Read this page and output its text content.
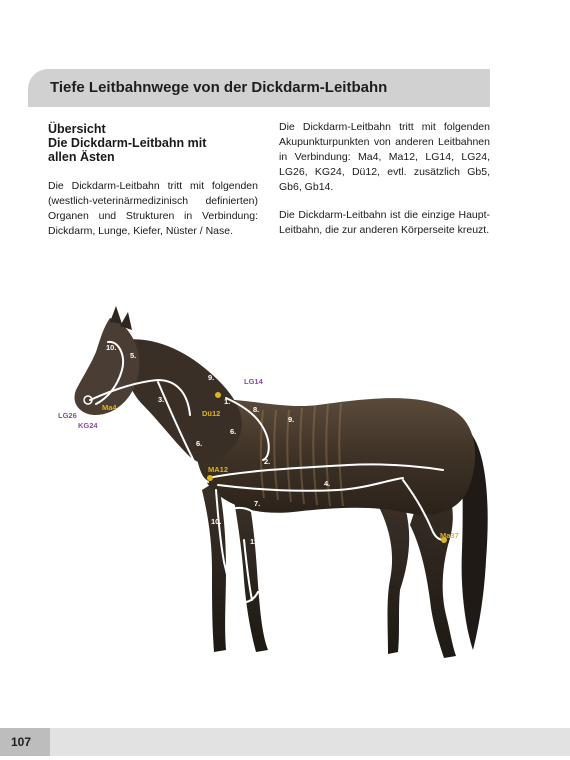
Tiefe Leitbahnwege von der Dickdarm-Leitbahn
Übersicht
Die Dickdarm-Leitbahn mit
allen Ästen

Die Dickdarm-Leitbahn tritt mit folgenden (westlich-veterinärmedizinisch definierten) Organen und Strukturen in Verbindung: Dickdarm, Lunge, Kiefer, Nüster / Nase.

Die Dickdarm-Leitbahn tritt mit folgenden Akupunkturpunkten von anderen Leitbahnen in Verbindung: Ma4, Ma12, LG14, LG24, LG26, KG24, Dü12, evtl. zusätzlich Gb5, Gb6, Gb14.

Die Dickdarm-Leitbahn ist die einzige Haupt-Leitbahn, die zur anderen Körperseite kreuzt.

LG14
LG26
KG24
Ma4
MA12
Dü12
Ma37
10.
5.
9.
3.	1.
8.
9.
6.
6.
2.
4.
7.
10.
11.
107
